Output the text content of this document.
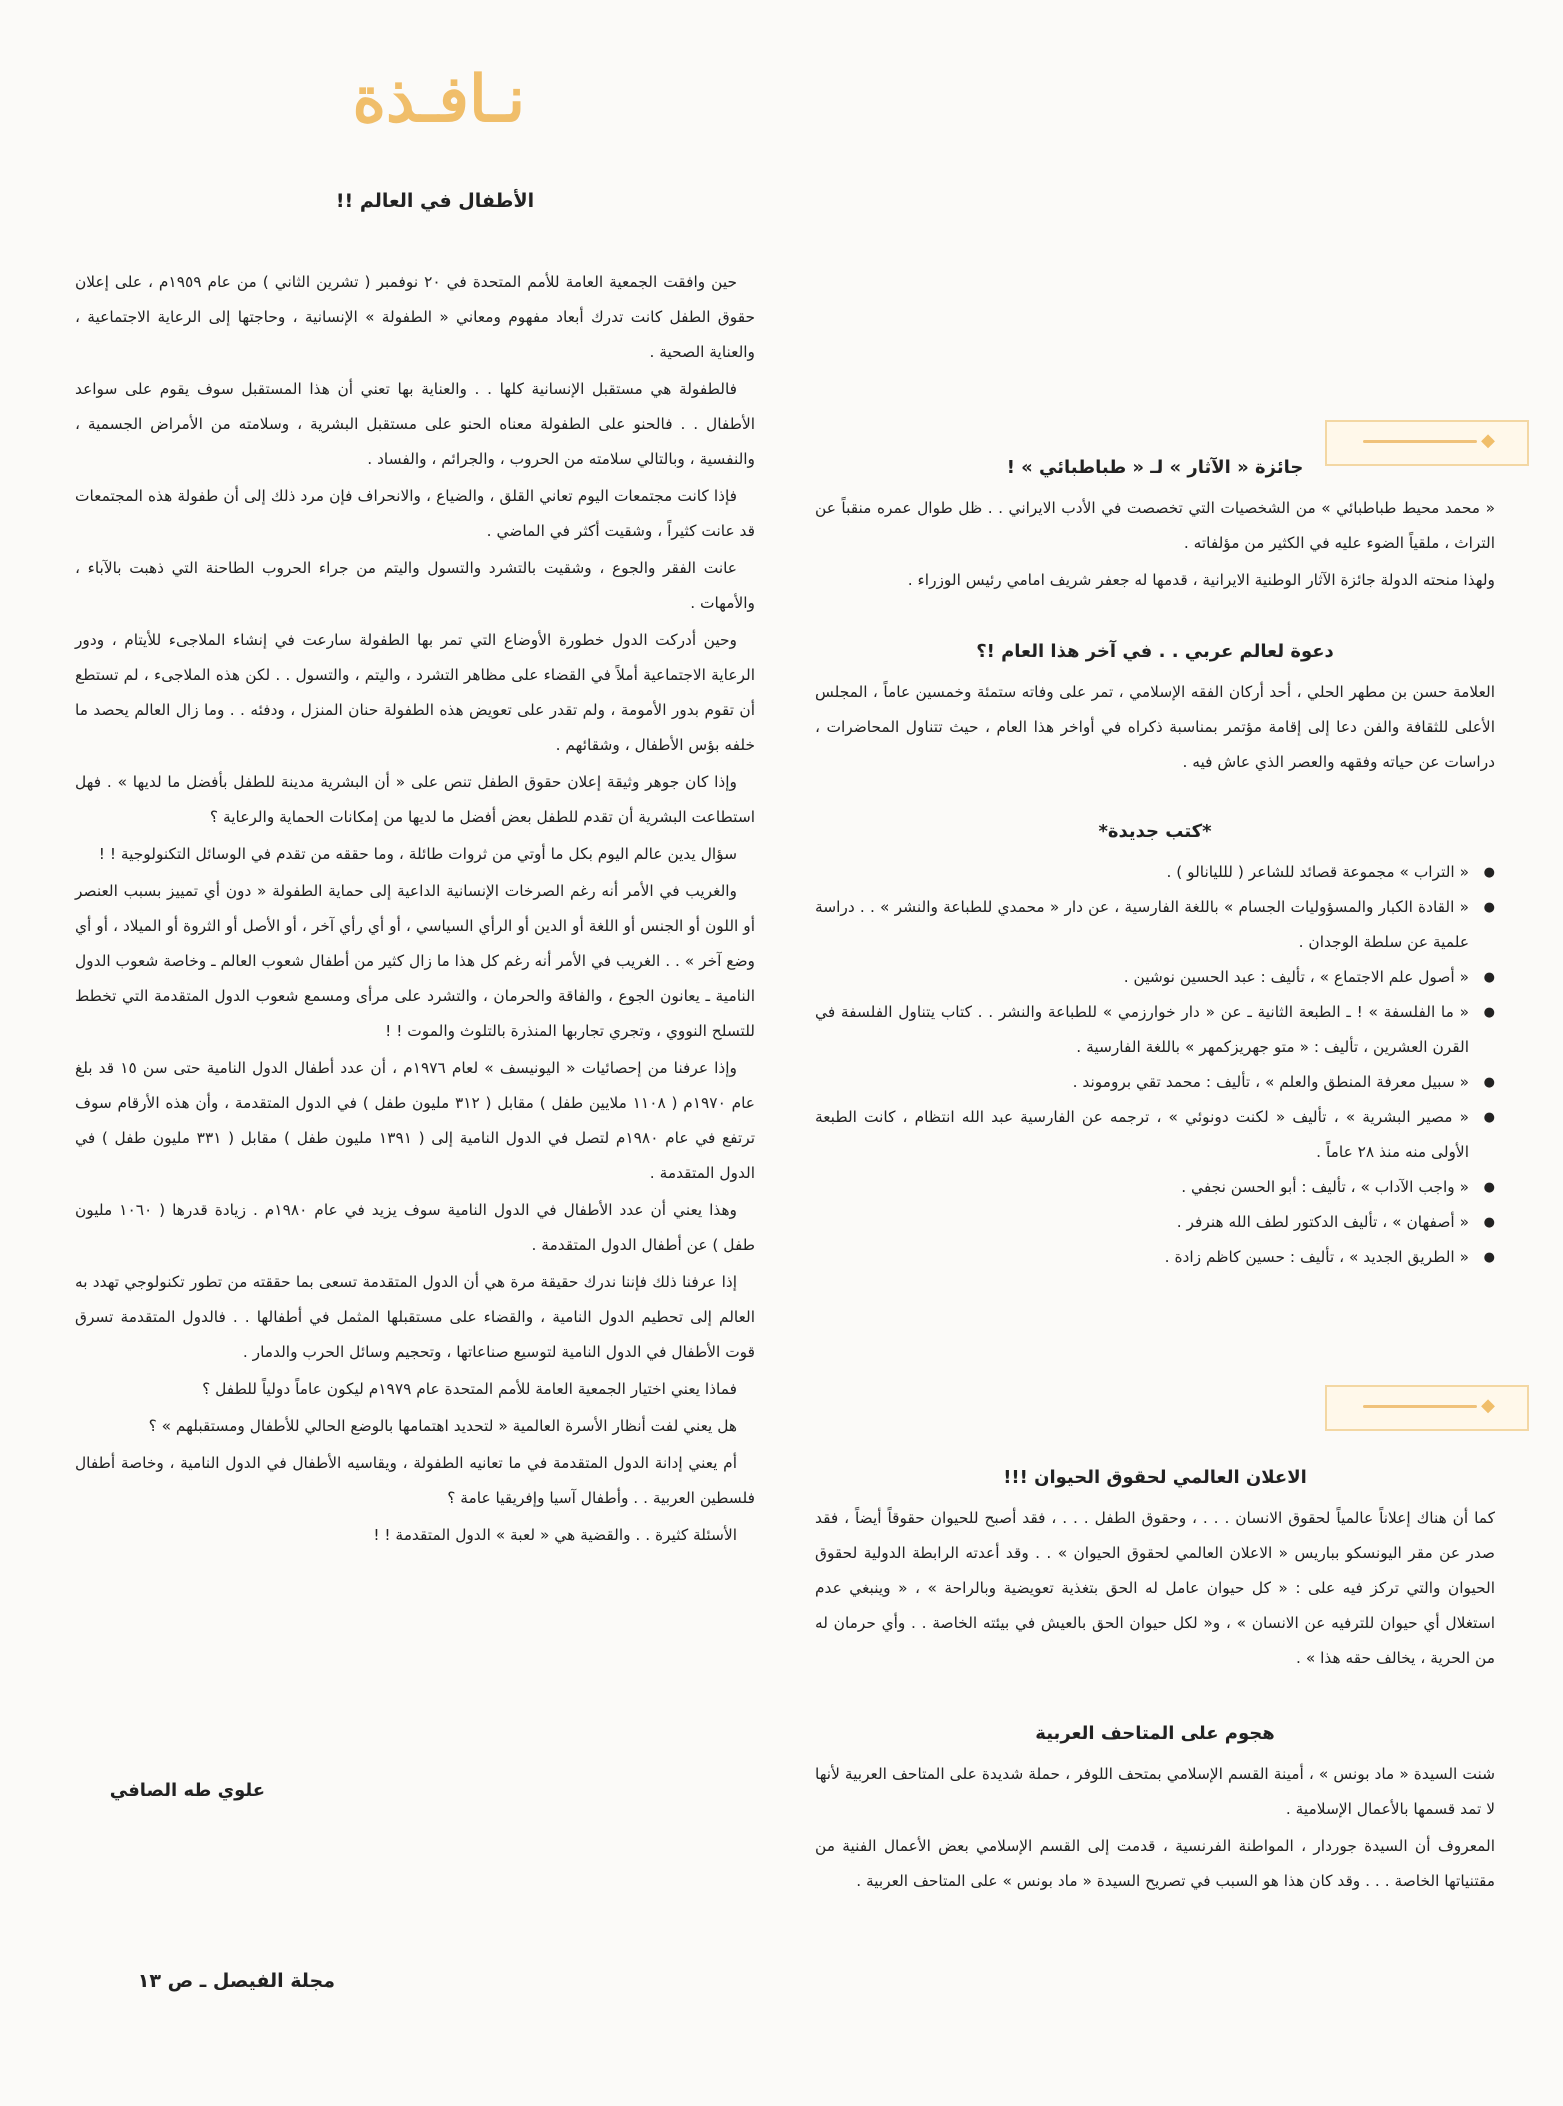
نـافـذة
الأطفال في العالم !!

حين وافقت الجمعية العامة للأمم المتحدة في ٢٠ نوفمبر ( تشرين الثاني ) من عام ١٩٥٩م ، على إعلان حقوق الطفل كانت تدرك أبعاد مفهوم ومعاني « الطفولة » الإنسانية ، وحاجتها إلى الرعاية الاجتماعية ، والعناية الصحية .

فالطفولة هي مستقبل الإنسانية كلها . . والعناية بها تعني أن هذا المستقبل سوف يقوم على سواعد الأطفال . . فالحنو على الطفولة معناه الحنو على مستقبل البشرية ، وسلامته من الأمراض الجسمية ، والنفسية ، وبالتالي سلامته من الحروب ، والجرائم ، والفساد .

فإذا كانت مجتمعات اليوم تعاني القلق ، والضياع ، والانحراف فإن مرد ذلك إلى أن طفولة هذه المجتمعات قد عانت كثيراً ، وشقيت أكثر في الماضي .

عانت الفقر والجوع ، وشقيت بالتشرد والتسول واليتم من جراء الحروب الطاحنة التي ذهبت بالآباء ، والأمهات .

وحين أدركت الدول خطورة الأوضاع التي تمر بها الطفولة سارعت في إنشاء الملاجىء للأيتام ، ودور الرعاية الاجتماعية أملاً في القضاء على مظاهر التشرد ، واليتم ، والتسول . . لكن هذه الملاجىء ، لم تستطع أن تقوم بدور الأمومة ، ولم تقدر على تعويض هذه الطفولة حنان المنزل ، ودفئه . . وما زال العالم يحصد ما خلفه بؤس الأطفال ، وشقائهم .

وإذا كان جوهر وثيقة إعلان حقوق الطفل تنص على « أن البشرية مدينة للطفل بأفضل ما لديها » . فهل استطاعت البشرية أن تقدم للطفل بعض أفضل ما لديها من إمكانات الحماية والرعاية ؟

سؤال يدين عالم اليوم بكل ما أوتي من ثروات طائلة ، وما حققه من تقدم في الوسائل التكنولوجية ! !

والغريب في الأمر أنه رغم الصرخات الإنسانية الداعية إلى حماية الطفولة « دون أي تمييز بسبب العنصر أو اللون أو الجنس أو اللغة أو الدين أو الرأي السياسي ، أو أي رأي آخر ، أو الأصل أو الثروة أو الميلاد ، أو أي وضع آخر » . . الغريب في الأمر أنه رغم كل هذا ما زال كثير من أطفال شعوب العالم ـ وخاصة شعوب الدول النامية ـ يعانون الجوع ، والفاقة والحرمان ، والتشرد على مرأى ومسمع شعوب الدول المتقدمة التي تخطط للتسلح النووي ، وتجري تجاربها المنذرة بالتلوث والموت ! !

وإذا عرفنا من إحصائيات « اليونيسف » لعام ١٩٧٦م ، أن عدد أطفال الدول النامية حتى سن ١٥ قد بلغ عام ١٩٧٠م ( ١١٠٨ ملايين طفل ) مقابل ( ٣١٢ مليون طفل ) في الدول المتقدمة ، وأن هذه الأرقام سوف ترتفع في عام ١٩٨٠م لتصل في الدول النامية إلى ( ١٣٩١ مليون طفل ) مقابل ( ٣٣١ مليون طفل ) في الدول المتقدمة .

وهذا يعني أن عدد الأطفال في الدول النامية سوف يزيد في عام ١٩٨٠م . زيادة قدرها ( ١٠٦٠ مليون طفل ) عن أطفال الدول المتقدمة .

إذا عرفنا ذلك فإننا ندرك حقيقة مرة هي أن الدول المتقدمة تسعى بما حققته من تطور تكنولوجي تهدد به العالم إلى تحطيم الدول النامية ، والقضاء على مستقبلها المثمل في أطفالها . . فالدول المتقدمة تسرق قوت الأطفال في الدول النامية لتوسيع صناعاتها ، وتحجيم وسائل الحرب والدمار .

فماذا يعني اختيار الجمعية العامة للأمم المتحدة عام ١٩٧٩م ليكون عاماً دولياً للطفل ؟

هل يعني لفت أنظار الأسرة العالمية « لتحديد اهتمامها بالوضع الحالي للأطفال ومستقبلهم » ؟

أم يعني إدانة الدول المتقدمة في ما تعانيه الطفولة ، ويقاسيه الأطفال في الدول النامية ، وخاصة أطفال فلسطين العربية . . وأطفال آسيا وإفريقيا عامة ؟

الأسئلة كثيرة . . والقضية هي « لعبة » الدول المتقدمة ! !

علوي طه الصافي
◆
جائزة « الآثار » لـ « طباطبائي » !

« محمد محيط طباطبائي » من الشخصيات التي تخصصت في الأدب الايراني . . ظل طوال عمره منقباً عن التراث ، ملقياً الضوء عليه في الكثير من مؤلفاته .

ولهذا منحته الدولة جائزة الآثار الوطنية الايرانية ، قدمها له جعفر شريف امامي رئيس الوزراء .

دعوة لعالم عربي . . في آخر هذا العام !؟

العلامة حسن بن مطهر الحلي ، أحد أركان الفقه الإسلامي ، تمر على وفاته ستمئة وخمسين عاماً ، المجلس الأعلى للثقافة والفن دعا إلى إقامة مؤتمر بمناسبة ذكراه في أواخر هذا العام ، حيث تتناول المحاضرات ، دراسات عن حياته وفقهه والعصر الذي عاش فيه .

*كتب جديدة*

● « التراب » مجموعة قصائد للشاعر ( للليانالو ) .

● « القادة الكبار والمسؤوليات الجسام » باللغة الفارسية ، عن دار « محمدي للطباعة والنشر » . . دراسة علمية عن سلطة الوجدان .

● « أصول علم الاجتماع » ، تأليف : عبد الحسين نوشين .

● « ما الفلسفة » ! ـ الطبعة الثانية ـ عن « دار خوارزمي » للطباعة والنشر . . كتاب يتناول الفلسفة في القرن العشرين ، تأليف : « متو جهريزكمهر » باللغة الفارسية .

● « سبيل معرفة المنطق والعلم » ، تأليف : محمد تقي بروموند .

● « مصير البشرية » ، تأليف « لكنت دونوئي » ، ترجمه عن الفارسية عبد الله انتظام ، كانت الطبعة الأولى منه منذ ٢٨ عاماً .

● « واجب الآداب » ، تأليف : أبو الحسن نجفي .

● « أصفهان » ، تأليف الدكتور لطف الله هنرفر .

● « الطريق الجديد » ، تأليف : حسين كاظم زادة .

◆
الاعلان العالمي لحقوق الحيوان !!!

كما أن هناك إعلاناً عالمياً لحقوق الانسان . . . ، وحقوق الطفل . . . ، فقد أصبح للحيوان حقوقاً أيضاً ، فقد صدر عن مقر اليونسكو بباريس « الاعلان العالمي لحقوق الحيوان » . . وقد أعدته الرابطة الدولية لحقوق الحيوان والتي تركز فيه على : « كل حيوان عامل له الحق بتغذية تعويضية وبالراحة » ، « وينبغي عدم استغلال أي حيوان للترفيه عن الانسان » ، و« لكل حيوان الحق بالعيش في بيئته الخاصة . . وأي حرمان له من الحرية ، يخالف حقه هذا » .

هجوم على المتاحف العربية

شنت السيدة « ماد بونس » ، أمينة القسم الإسلامي بمتحف اللوفر ، حملة شديدة على المتاحف العربية لأنها لا تمد قسمها بالأعمال الإسلامية .

المعروف أن السيدة جوردار ، المواطنة الفرنسية ، قدمت إلى القسم الإسلامي بعض الأعمال الفنية من مقتنياتها الخاصة . . . وقد كان هذا هو السبب في تصريح السيدة « ماد بونس » على المتاحف العربية .

مجلة الفيصل ـ ص ١٣
